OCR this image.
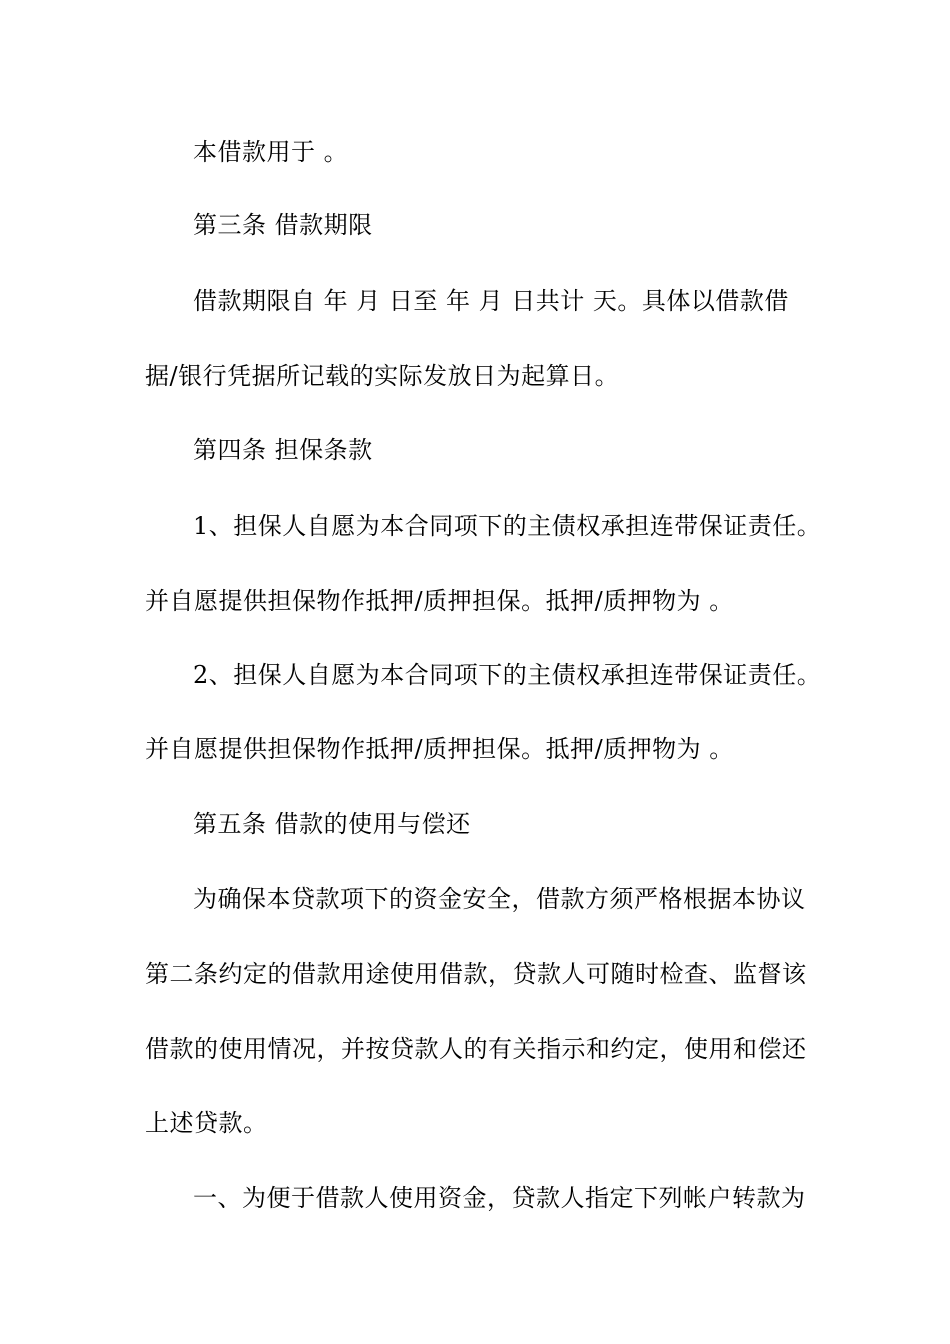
本借款用于 。
第三条 借款期限
借款期限自 年 月 日至 年 月 日共计 天。具体以借款借
据/银行凭据所记载的实际发放日为起算日。
第四条 担保条款
1、担保人自愿为本合同项下的主债权承担连带保证责任。
并自愿提供担保物作抵押/质押担保。抵押/质押物为 。
2、担保人自愿为本合同项下的主债权承担连带保证责任。
并自愿提供担保物作抵押/质押担保。抵押/质押物为 。
第五条 借款的使用与偿还
为确保本贷款项下的资金安全，借款方须严格根据本协议
第二条约定的借款用途使用借款，贷款人可随时检查、监督该
借款的使用情况，并按贷款人的有关指示和约定，使用和偿还
上述贷款。
一、为便于借款人使用资金，贷款人指定下列帐户转款为
